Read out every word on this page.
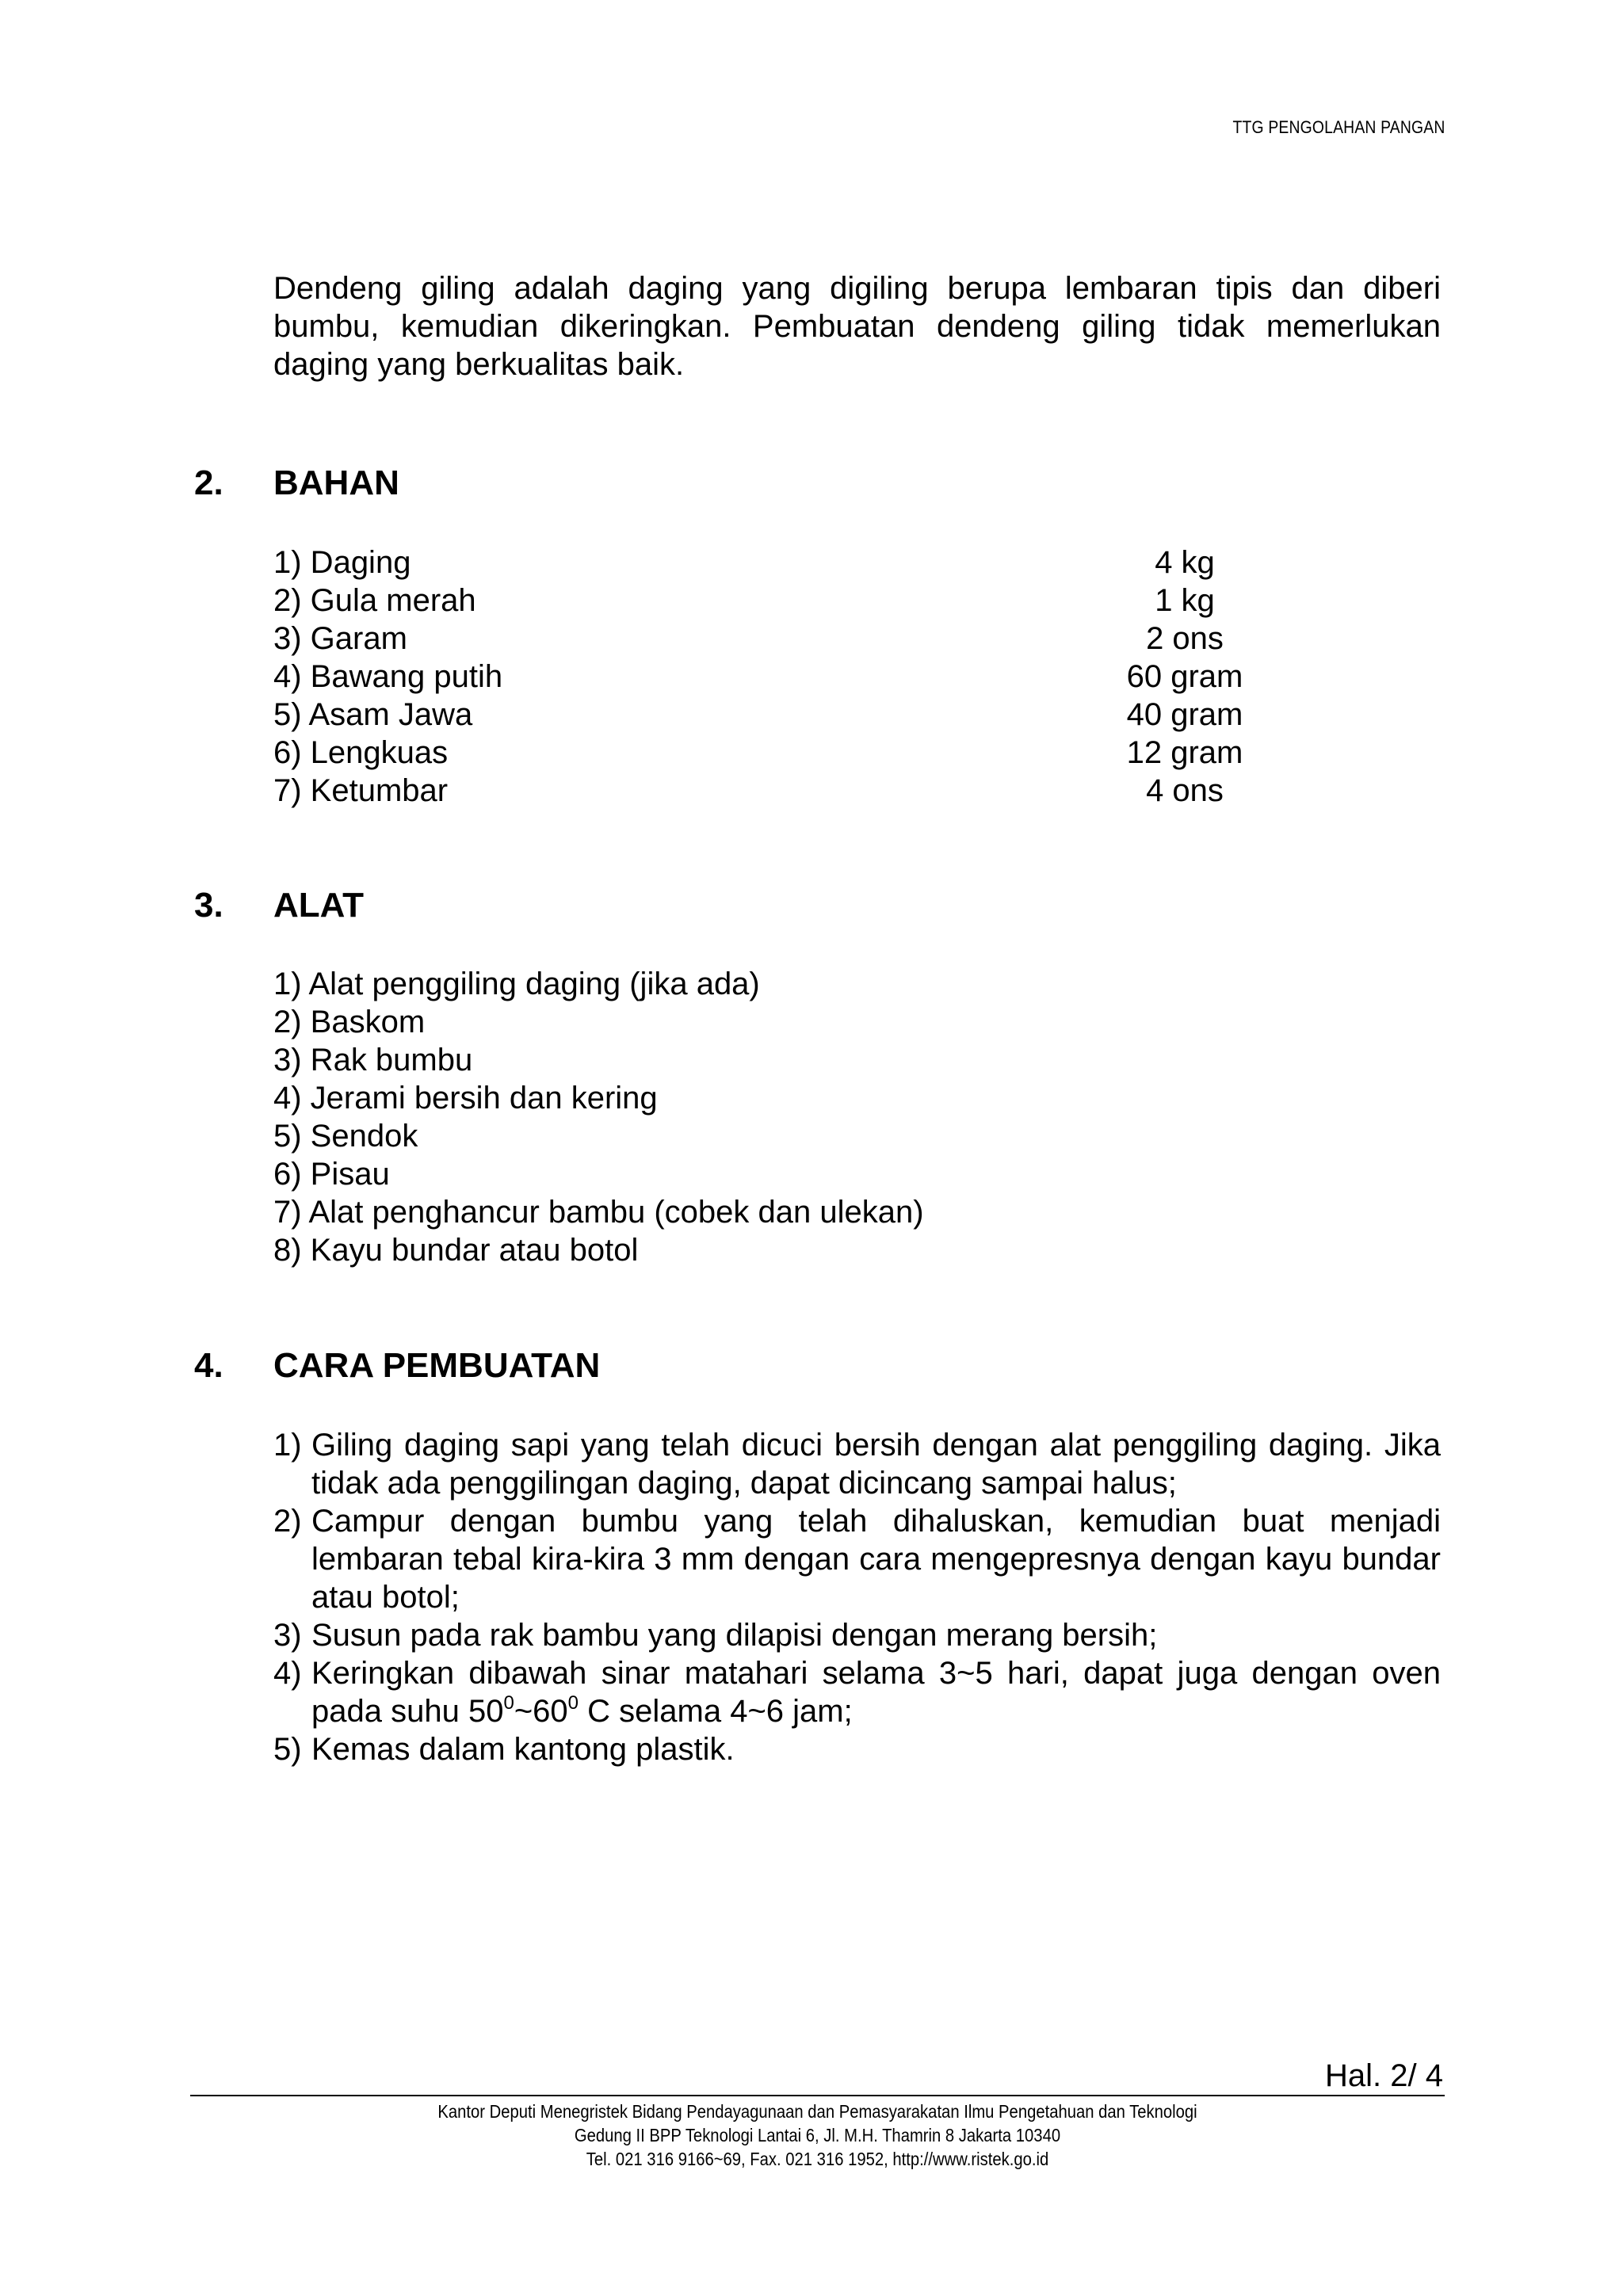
TTG PENGOLAHAN PANGAN

Dendeng giling adalah daging yang digiling berupa lembaran tipis dan diberi bumbu, kemudian dikeringkan. Pembuatan dendeng giling tidak memerlukan daging yang berkualitas baik.

2. BAHAN
1) Daging	4 kg
2) Gula merah	1 kg
3) Garam	2 ons
4) Bawang putih	60 gram
5) Asam Jawa	40 gram
6) Lengkuas	12 gram
7) Ketumbar	4 ons
3. ALAT
1) Alat penggiling daging (jika ada)
2) Baskom
3) Rak bumbu
4) Jerami bersih dan kering
5) Sendok
6) Pisau
7) Alat penghancur bambu (cobek dan ulekan)
8) Kayu bundar atau botol
4. CARA PEMBUATAN
1) Giling daging sapi yang telah dicuci bersih dengan alat penggiling daging. Jika tidak ada penggilingan daging, dapat dicincang sampai halus;
2) Campur dengan bumbu yang telah dihaluskan, kemudian buat menjadi lembaran tebal kira-kira 3 mm dengan cara mengepresnya dengan kayu bundar atau botol;
3) Susun pada rak bambu yang dilapisi dengan merang bersih;
4) Keringkan dibawah sinar matahari selama 3~5 hari, dapat juga dengan oven pada suhu $50^0\sim 60^0$ C selama 4~6 jam;
5) Kemas dalam kantong plastik.
Hal. 2/ 4
Kantor Deputi Menegristek Bidang Pendayagunaan dan Pemasyarakatan Ilmu Pengetahuan dan Teknologi
Gedung II BPP Teknologi Lantai 6, Jl. M.H. Thamrin 8 Jakarta 10340
Tel. 021 316 9166~69, Fax. 021 316 1952, http://www.ristek.go.id
